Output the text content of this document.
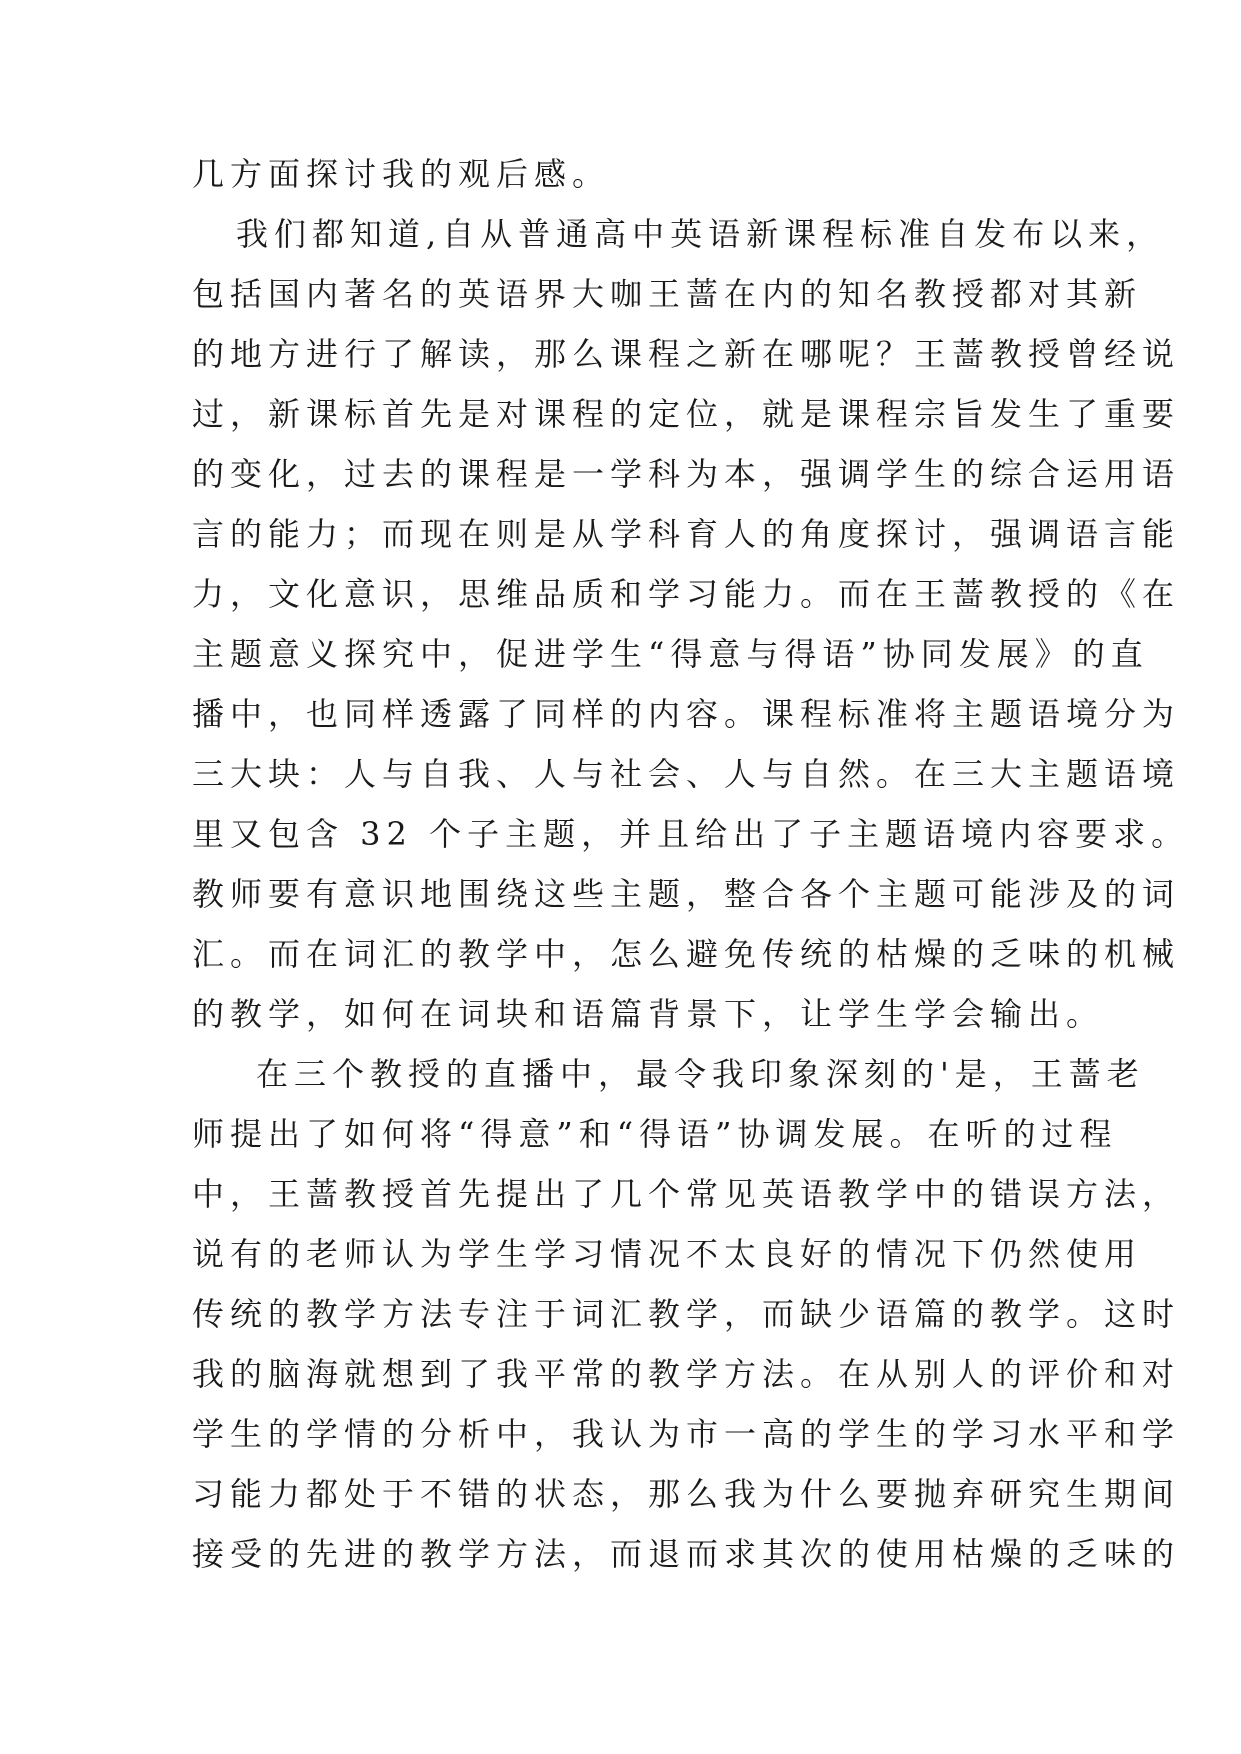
几方面探讨我的观后感。
我们都知道,自从普通高中英语新课程标准自发布以来，
包括国内著名的英语界大咖王蔷在内的知名教授都对其新
的地方进行了解读，那么课程之新在哪呢？王蔷教授曾经说
过，新课标首先是对课程的定位，就是课程宗旨发生了重要
的变化，过去的课程是一学科为本，强调学生的综合运用语
言的能力；而现在则是从学科育人的角度探讨，强调语言能
力，文化意识，思维品质和学习能力。而在王蔷教授的《在
主题意义探究中，促进学生“得意与得语”协同发展》的直
播中，也同样透露了同样的内容。课程标准将主题语境分为
三大块：人与自我、人与社会、人与自然。在三大主题语境
里又包含 32 个子主题，并且给出了子主题语境内容要求。
教师要有意识地围绕这些主题，整合各个主题可能涉及的词
汇。而在词汇的教学中，怎么避免传统的枯燥的乏味的机械
的教学，如何在词块和语篇背景下，让学生学会输出。
在三个教授的直播中，最令我印象深刻的'是，王蔷老
师提出了如何将“得意”和“得语”协调发展。在听的过程
中，王蔷教授首先提出了几个常见英语教学中的错误方法，
说有的老师认为学生学习情况不太良好的情况下仍然使用
传统的教学方法专注于词汇教学，而缺少语篇的教学。这时
我的脑海就想到了我平常的教学方法。在从别人的评价和对
学生的学情的分析中，我认为市一高的学生的学习水平和学
习能力都处于不错的状态，那么我为什么要抛弃研究生期间
接受的先进的教学方法，而退而求其次的使用枯燥的乏味的
